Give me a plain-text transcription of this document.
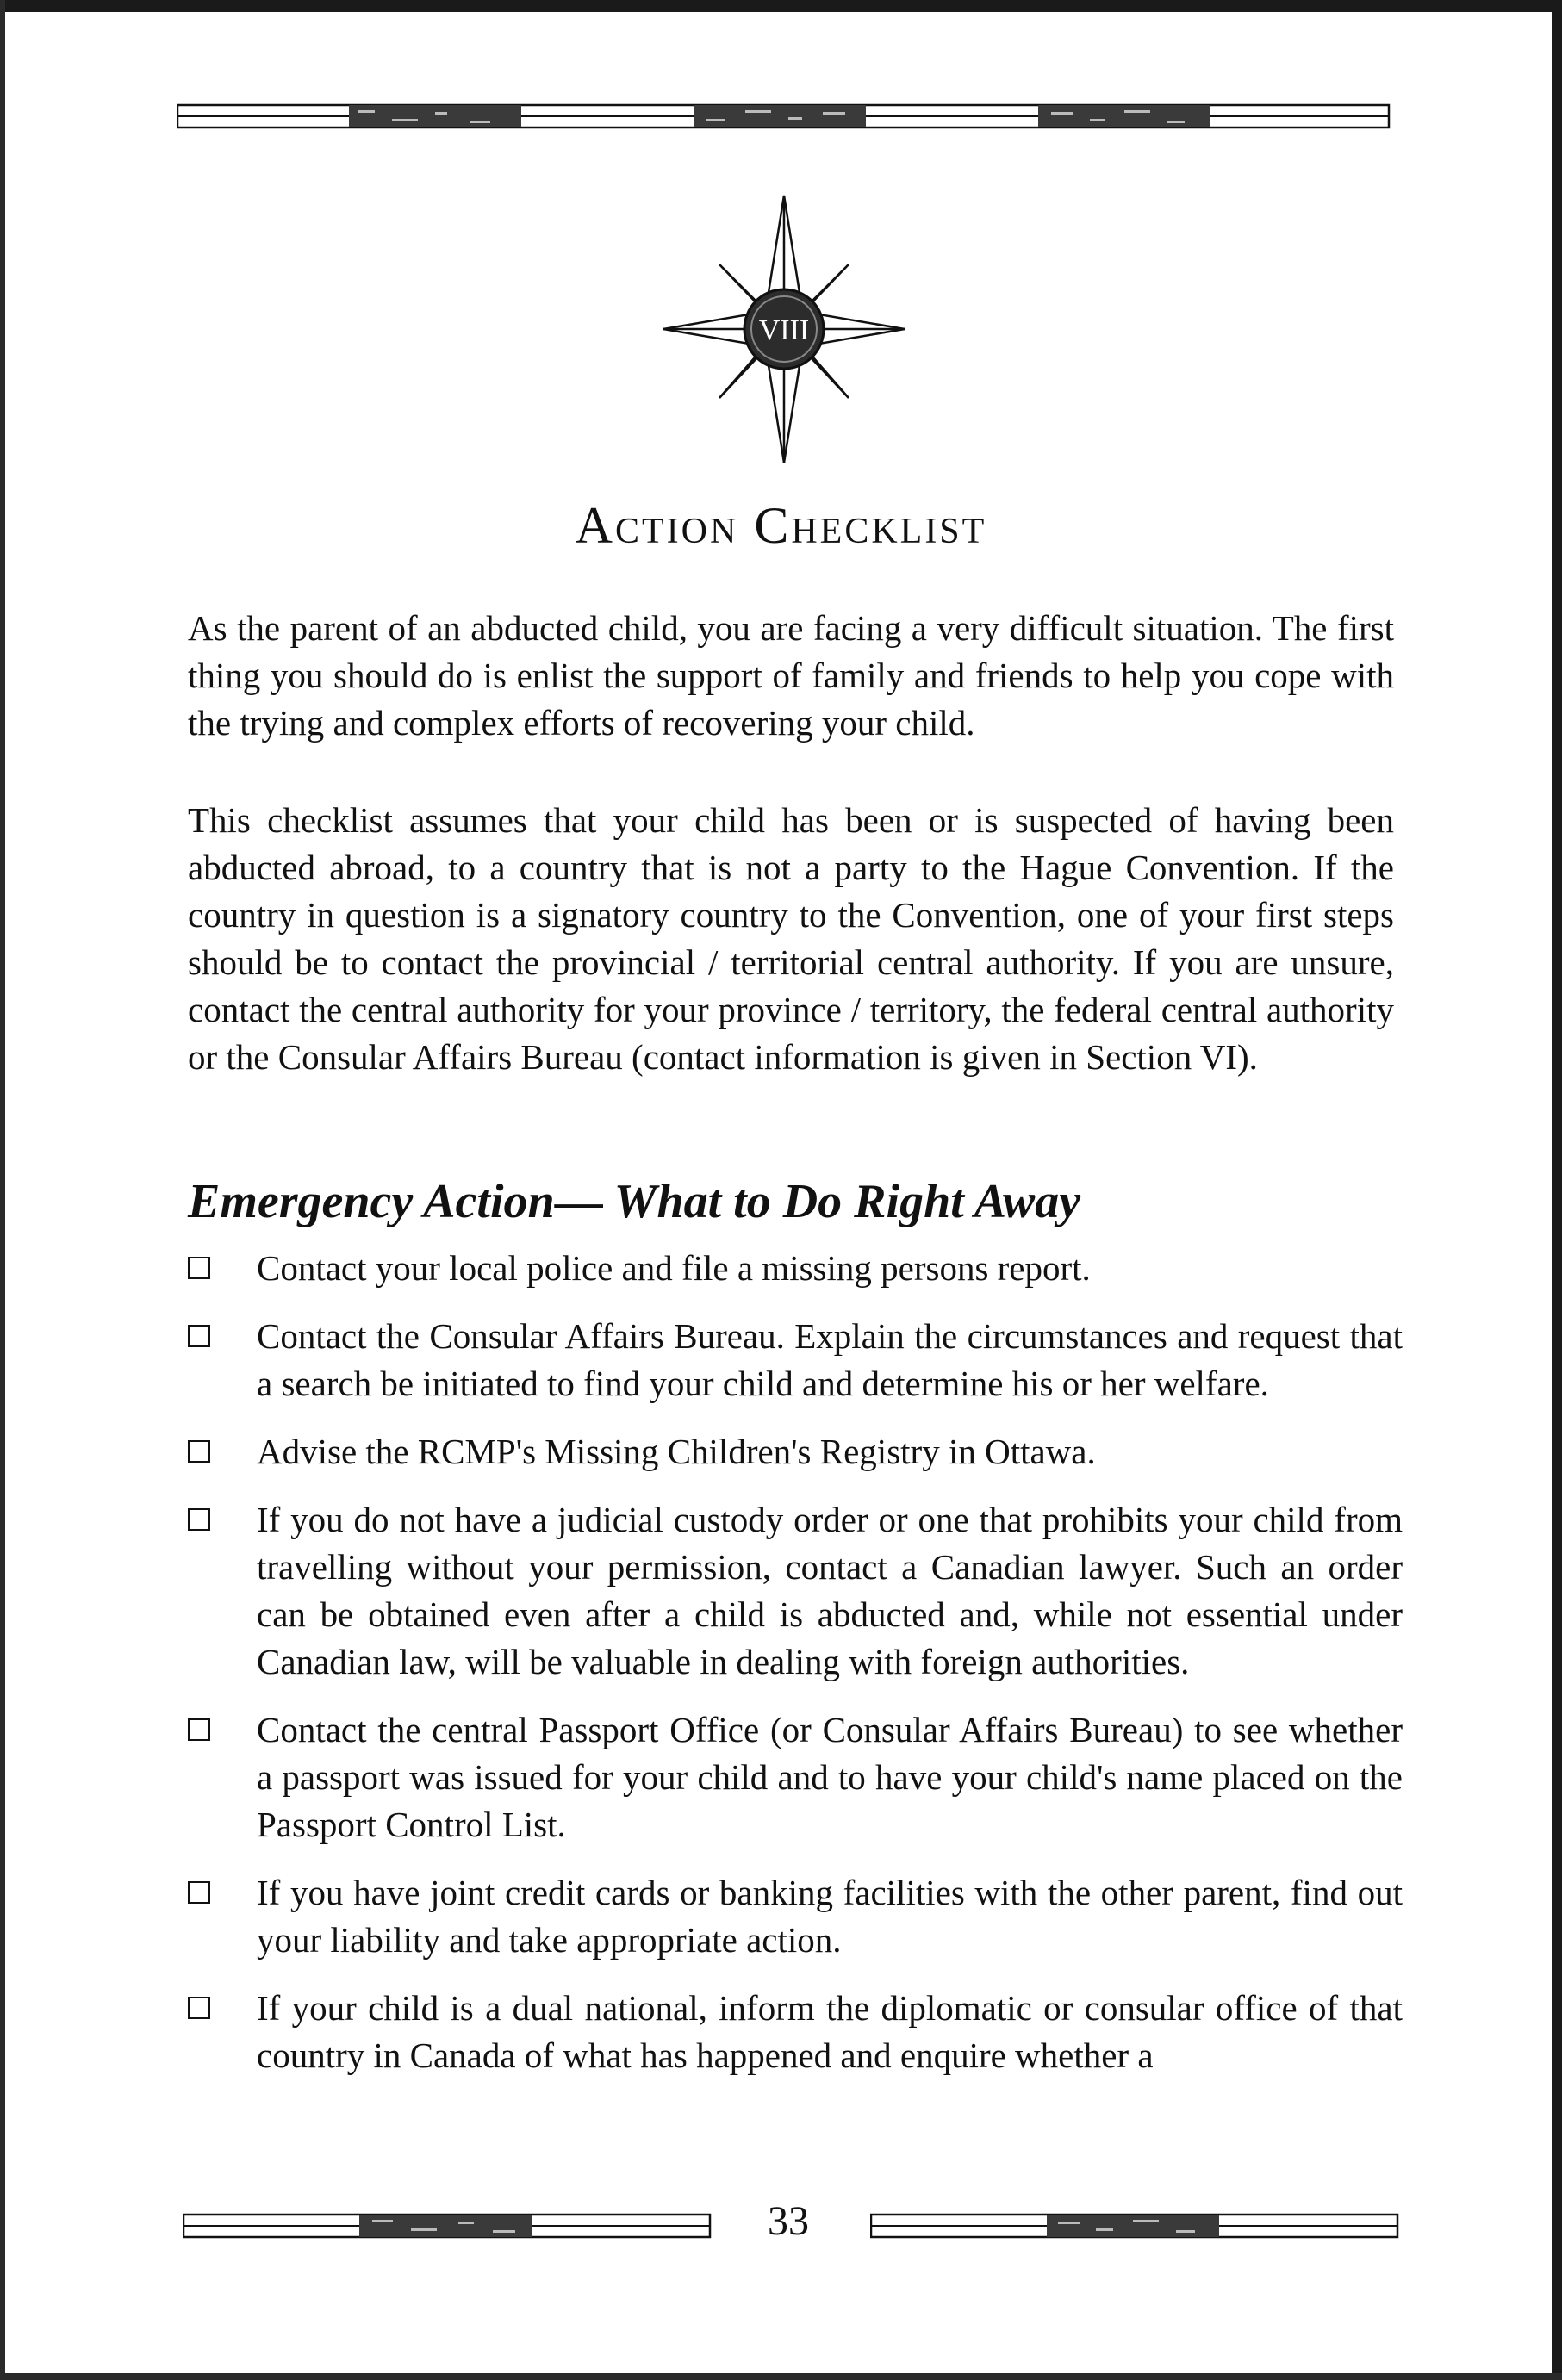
VIII
Action Checklist

As the parent of an abducted child, you are facing a very difficult situation. The first thing you should do is enlist the support of family and friends to help you cope with the trying and complex efforts of recovering your child.

This checklist assumes that your child has been or is suspected of having been abducted abroad, to a country that is not a party to the Hague Convention. If the country in question is a signatory country to the Convention, one of your first steps should be to contact the provincial / territorial central authority. If you are unsure, contact the central authority for your province / territory, the federal central authority or the Consular Affairs Bureau (contact information is given in Section VI).

Emergency Action— What to Do Right Away
Contact your local police and file a missing persons report.
Contact the Consular Affairs Bureau. Explain the circumstances and request that a search be initiated to find your child and determine his or her welfare.
Advise the RCMP's Missing Children's Registry in Ottawa.
If you do not have a judicial custody order or one that prohibits your child from travelling without your permission, contact a Canadian lawyer. Such an order can be obtained even after a child is abducted and, while not essential under Canadian law, will be valuable in dealing with foreign authorities.
Contact the central Passport Office (or Consular Affairs Bureau) to see whether a passport was issued for your child and to have your child's name placed on the Passport Control List.
If you have joint credit cards or banking facilities with the other parent, find out your liability and take appropriate action.
If your child is a dual national, inform the diplomatic or consular office of that country in Canada of what has happened and enquire whether a
33
